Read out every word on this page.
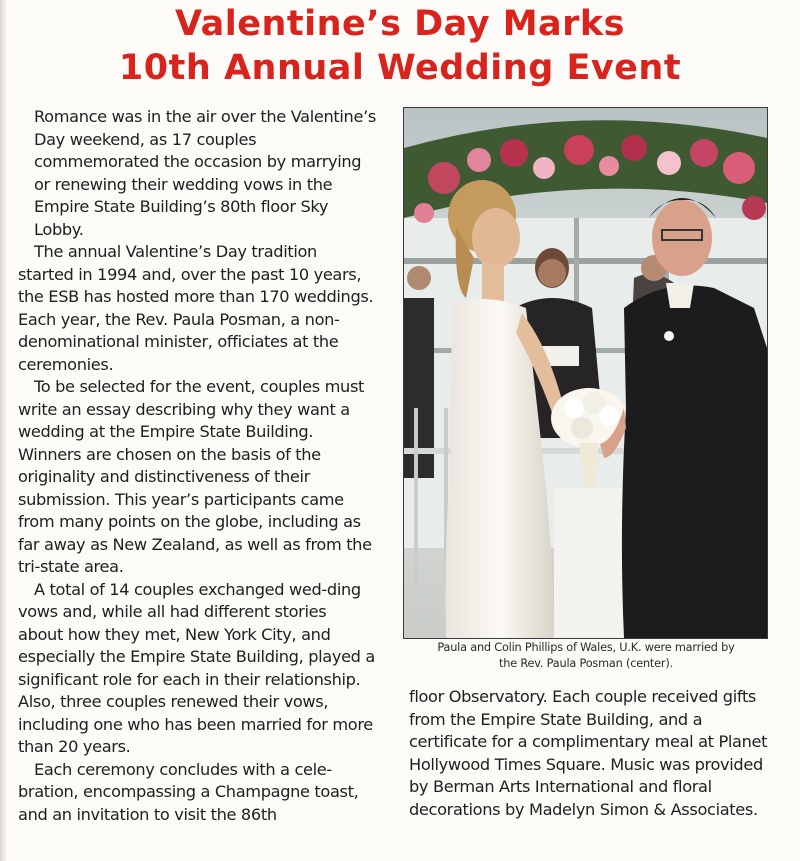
Valentine’s Day Marks
10th Annual Wedding Event

Romance was in the air over the Valentine’s Day weekend, as 17 couples commemorated the occasion by marrying or renewing their wedding vows in the Empire State Building’s 80th floor Sky Lobby.

The annual Valentine’s Day tradition started in 1994 and, over the past 10 years, the ESB has hosted more than 170 weddings. Each year, the Rev. Paula Posman, a non-denominational minister, officiates at the ceremonies.

To be selected for the event, couples must write an essay describing why they want a wedding at the Empire State Building. Winners are chosen on the basis of the originality and distinctiveness of their submission. This year’s participants came from many points on the globe, including as far away as New Zealand, as well as from the tri-state area.

A total of 14 couples exchanged wed-ding vows and, while all had different stories about how they met, New York City, and especially the Empire State Building, played a significant role for each in their relationship. Also, three couples renewed their vows, including one who has been married for more than 20 years.

Each ceremony concludes with a cele-bration, encompassing a Champagne toast, and an invitation to visit the 86th

Paula and Colin Phillips of Wales, U.K. were married by
the Rev. Paula Posman (center).

floor Observatory. Each couple received gifts from the Empire State Building, and a certificate for a complimentary meal at Planet Hollywood Times Square. Music was provided by Berman Arts International and floral decorations by Madelyn Simon & Associates.
